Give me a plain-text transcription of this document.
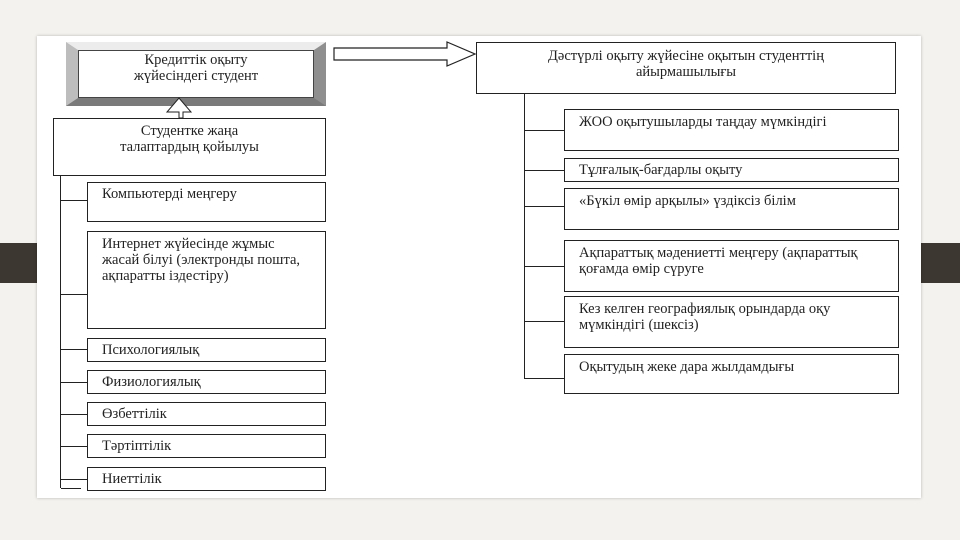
Кредиттік оқыту жүйесіндегі студент
Студентке жаңа талаптардың қойылуы
Компьютерді меңгеру
Интернет жүйесінде жұмыс жасай білуі (электронды пошта, ақпаратты іздестіру)
Психологиялық
Физиологиялық
Өзбеттілік
Тәртіптілік
Ниеттілік
Дәстүрлі оқыту жүйесіне оқытын студенттің айырмашылығы
ЖОО оқытушыларды таңдау мүмкіндігі
Тұлғалық-бағдарлы оқыту
«Бүкіл өмір арқылы» үздіксіз білім
Ақпараттық мәдениетті меңгеру (ақпараттық қоғамда өмір сүруге
Кез келген географиялық орындарда оқу мүмкіндігі (шексіз)
Оқытудың жеке дара жылдамдығы
